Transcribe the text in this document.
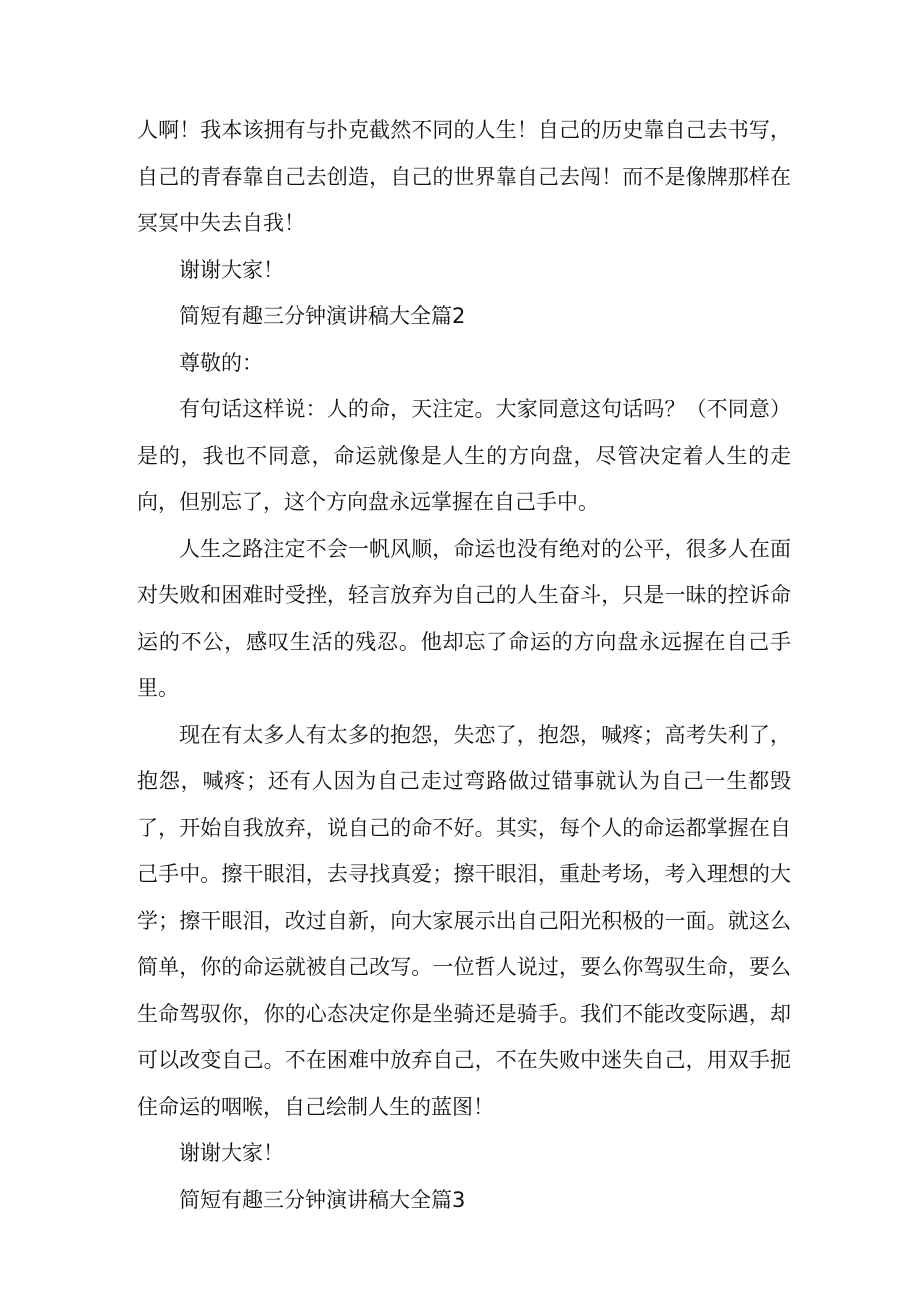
人啊！我本该拥有与扑克截然不同的人生！自己的历史靠自己去书写，自己的青春靠自己去创造，自己的世界靠自己去闯！而不是像牌那样在冥冥中失去自我！

谢谢大家！

简短有趣三分钟演讲稿大全篇2

尊敬的：

有句话这样说：人的命，天注定。大家同意这句话吗？（不同意）是的，我也不同意，命运就像是人生的方向盘，尽管决定着人生的走向，但别忘了，这个方向盘永远掌握在自己手中。

人生之路注定不会一帆风顺，命运也没有绝对的公平，很多人在面对失败和困难时受挫，轻言放弃为自己的人生奋斗，只是一昧的控诉命运的不公，感叹生活的残忍。他却忘了命运的方向盘永远握在自己手里。

现在有太多人有太多的抱怨，失恋了，抱怨，喊疼；高考失利了，抱怨，喊疼；还有人因为自己走过弯路做过错事就认为自己一生都毁了，开始自我放弃，说自己的命不好。其实，每个人的命运都掌握在自己手中。擦干眼泪，去寻找真爱；擦干眼泪，重赴考场，考入理想的大学；擦干眼泪，改过自新，向大家展示出自己阳光积极的一面。就这么简单，你的命运就被自己改写。一位哲人说过，要么你驾驭生命，要么生命驾驭你，你的心态决定你是坐骑还是骑手。我们不能改变际遇，却可以改变自己。不在困难中放弃自己，不在失败中迷失自己，用双手扼住命运的咽喉，自己绘制人生的蓝图！

谢谢大家！

简短有趣三分钟演讲稿大全篇3
